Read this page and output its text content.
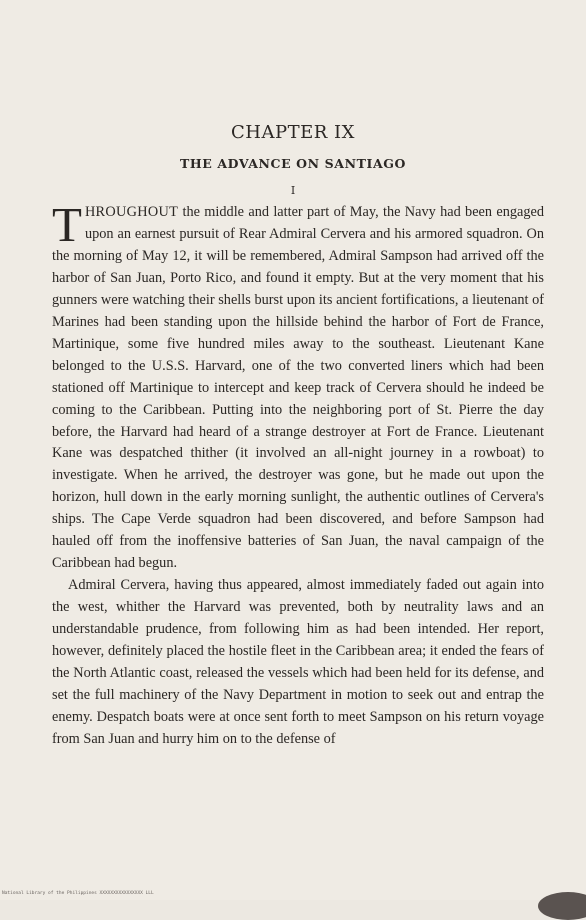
CHAPTER IX
THE ADVANCE ON SANTIAGO
I

THROUGHOUT the middle and latter part of May, the Navy had been engaged upon an earnest pursuit of Rear Admiral Cervera and his armored squadron. On the morning of May 12, it will be remembered, Admiral Sampson had arrived off the harbor of San Juan, Porto Rico, and found it empty. But at the very moment that his gunners were watching their shells burst upon its ancient fortifications, a lieutenant of Marines had been standing upon the hillside behind the harbor of Fort de France, Martinique, some five hundred miles away to the southeast. Lieutenant Kane belonged to the U.S.S. Harvard, one of the two converted liners which had been stationed off Martinique to intercept and keep track of Cervera should he indeed be coming to the Caribbean. Putting into the neighboring port of St. Pierre the day before, the Harvard had heard of a strange destroyer at Fort de France. Lieutenant Kane was despatched thither (it involved an all-night journey in a rowboat) to investigate. When he arrived, the destroyer was gone, but he made out upon the horizon, hull down in the early morning sunlight, the authentic outlines of Cervera's ships. The Cape Verde squadron had been discovered, and before Sampson had hauled off from the inoffensive batteries of San Juan, the naval campaign of the Caribbean had begun.

Admiral Cervera, having thus appeared, almost immediately faded out again into the west, whither the Harvard was prevented, both by neutrality laws and an understandable prudence, from following him as had been intended. Her report, however, definitely placed the hostile fleet in the Caribbean area; it ended the fears of the North Atlantic coast, released the vessels which had been held for its defense, and set the full machinery of the Navy Department in motion to seek out and entrap the enemy. Despatch boats were at once sent forth to meet Sampson on his return voyage from San Juan and hurry him on to the defense of

National Library of the Philippines XXXXXXXXXXXXXXXX LLL
